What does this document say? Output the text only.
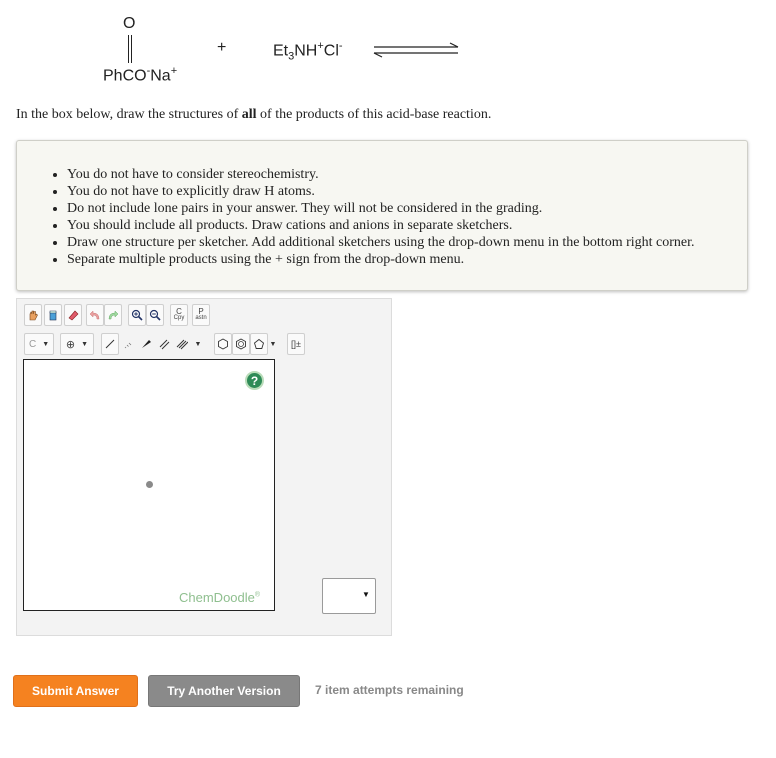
O
PhCO-Na+
+	$Et_3NH^+Cl^-$
In the box below, draw the structures of all of the products of this acid-base reaction.
• You do not have to consider stereochemistry.
• You do not have to explicitly draw H atoms.
• Do not include lone pairs in your answer. They will not be considered in the grading.
• You should include all products. Draw cations and anions in separate sketchers.
• Draw one structure per sketcher. Add additional sketchers using the drop-down menu in the bottom right corner.
• Separate multiple products using the + sign from the drop-down menu.
C
Cpy
P
astn
C ▼ ⊕ ▼	▼	▼ []±
?
ChemDoodle®	▼
Submit Answer	Try Another Version	7 item attempts remaining
